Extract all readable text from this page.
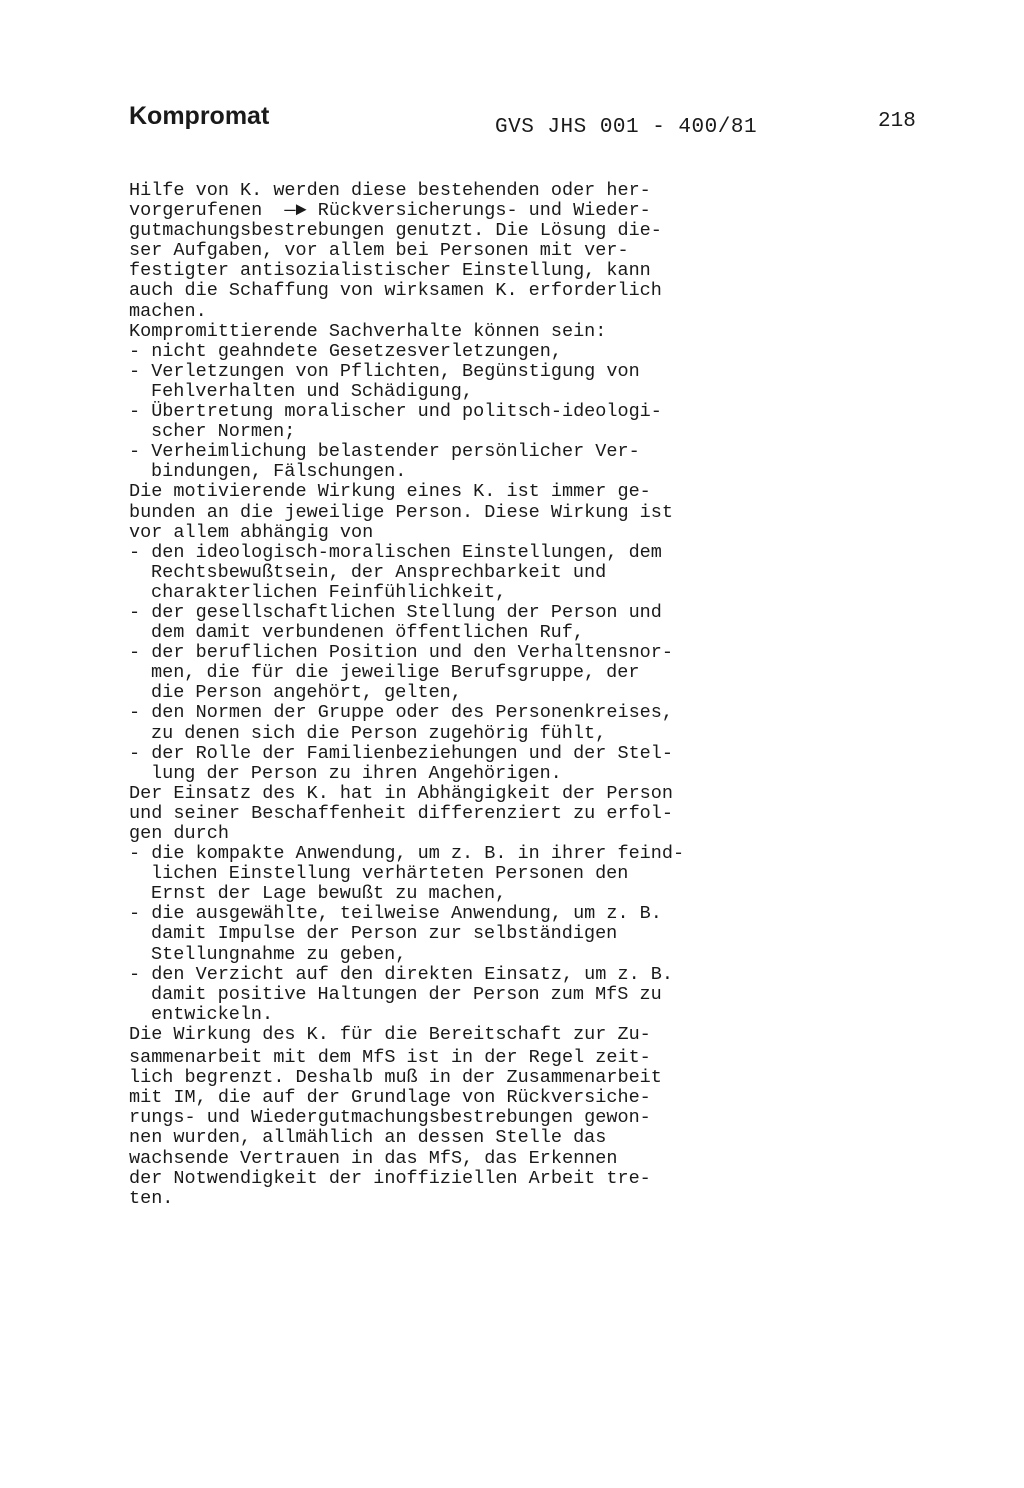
Kompromat	GVS JHS 001 - 400/81	218
Hilfe von K. werden diese bestehenden oder her-
vorgerufenen  —► Rückversicherungs- und Wieder-
gutmachungsbestrebungen genutzt. Die Lösung die-
ser Aufgaben, vor allem bei Personen mit ver-
festigter antisozialistischer Einstellung, kann
auch die Schaffung von wirksamen K. erforderlich
machen.
Kompromittierende Sachverhalte können sein:
- nicht geahndete Gesetzesverletzungen,
- Verletzungen von Pflichten, Begünstigung von
Fehlverhalten und Schädigung,
- Übertretung moralischer und politsch-ideologi-
scher Normen;
- Verheimlichung belastender persönlicher Ver-
bindungen, Fälschungen.
Die motivierende Wirkung eines K. ist immer ge-
bunden an die jeweilige Person. Diese Wirkung ist
vor allem abhängig von
- den ideologisch-moralischen Einstellungen, dem
Rechtsbewußtsein, der Ansprechbarkeit und
charakterlichen Feinfühlichkeit,
- der gesellschaftlichen Stellung der Person und
dem damit verbundenen öffentlichen Ruf,
- der beruflichen Position und den Verhaltensnor-
men, die für die jeweilige Berufsgruppe, der
die Person angehört, gelten,
- den Normen der Gruppe oder des Personenkreises,
zu denen sich die Person zugehörig fühlt,
- der Rolle der Familienbeziehungen und der Stel-
lung der Person zu ihren Angehörigen.
Der Einsatz des K. hat in Abhängigkeit der Person
und seiner Beschaffenheit differenziert zu erfol-
gen durch
- die kompakte Anwendung, um z. B. in ihrer feind-
lichen Einstellung verhärteten Personen den
Ernst der Lage bewußt zu machen,
- die ausgewählte, teilweise Anwendung, um z. B.
damit Impulse der Person zur selbständigen
Stellungnahme zu geben,
- den Verzicht auf den direkten Einsatz, um z. B.
damit positive Haltungen der Person zum MfS zu
entwickeln.
Die Wirkung des K. für die Bereitschaft zur Zu-
sammenarbeit mit dem MfS ist in der Regel zeit-
lich begrenzt. Deshalb muß in der Zusammenarbeit
mit IM, die auf der Grundlage von Rückversiche-
rungs- und Wiedergutmachungsbestrebungen gewon-
nen wurden, allmählich an dessen Stelle das
wachsende Vertrauen in das MfS, das Erkennen
der Notwendigkeit der inoffiziellen Arbeit tre-
ten.
